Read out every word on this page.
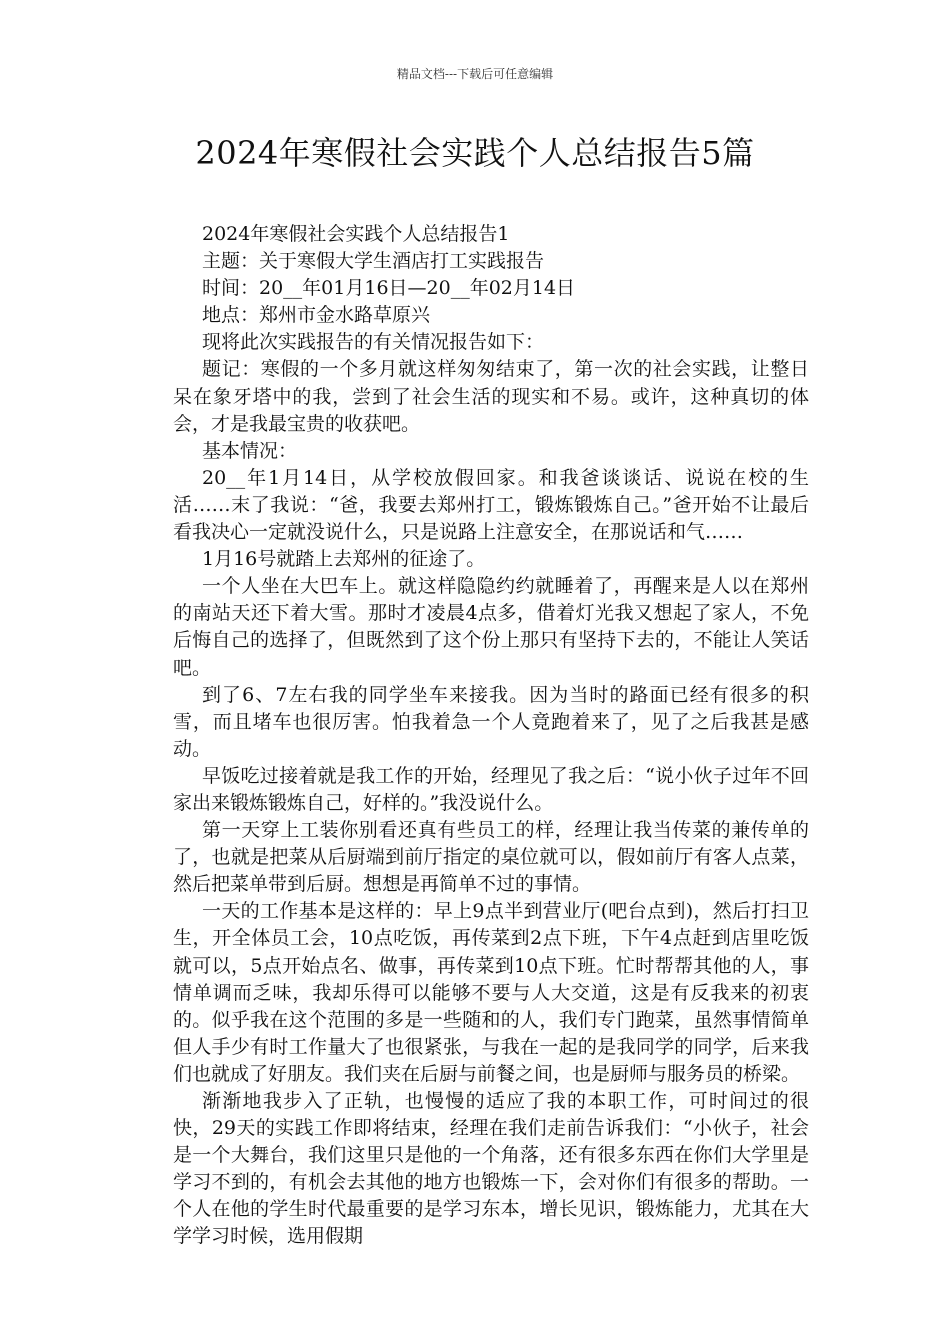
精品文档---下载后可任意编辑
2024年寒假社会实践个人总结报告5篇

2024年寒假社会实践个人总结报告1

主题：关于寒假大学生酒店打工实践报告

时间：20__年01月16日—20__年02月14日

地点：郑州市金水路草原兴

现将此次实践报告的有关情况报告如下：

题记：寒假的一个多月就这样匆匆结束了，第一次的社会实践，让整日呆在象牙塔中的我，尝到了社会生活的现实和不易。或许，这种真切的体会，才是我最宝贵的收获吧。

基本情况：

20__年1月14日，从学校放假回家。和我爸谈谈话、说说在校的生活……末了我说：“爸，我要去郑州打工，锻炼锻炼自己。”爸开始不让最后看我决心一定就没说什么，只是说路上注意安全，在那说话和气……

1月16号就踏上去郑州的征途了。

一个人坐在大巴车上。就这样隐隐约约就睡着了，再醒来是人以在郑州的南站天还下着大雪。那时才凌晨4点多，借着灯光我又想起了家人，不免后悔自己的选择了，但既然到了这个份上那只有坚持下去的，不能让人笑话吧。

到了6、7左右我的同学坐车来接我。因为当时的路面已经有很多的积雪，而且堵车也很厉害。怕我着急一个人竟跑着来了，见了之后我甚是感动。

早饭吃过接着就是我工作的开始，经理见了我之后：“说小伙子过年不回家出来锻炼锻炼自己，好样的。”我没说什么。

第一天穿上工装你别看还真有些员工的样，经理让我当传菜的兼传单的了，也就是把菜从后厨端到前厅指定的桌位就可以，假如前厅有客人点菜，然后把菜单带到后厨。想想是再简单不过的事情。

一天的工作基本是这样的：早上9点半到营业厅(吧台点到)，然后打扫卫生，开全体员工会，10点吃饭，再传菜到2点下班，下午4点赶到店里吃饭就可以，5点开始点名、做事，再传菜到10点下班。忙时帮帮其他的人，事情单调而乏味，我却乐得可以能够不要与人大交道，这是有反我来的初衷的。似乎我在这个范围的多是一些随和的人，我们专门跑菜，虽然事情简单但人手少有时工作量大了也很紧张，与我在一起的是我同学的同学，后来我们也就成了好朋友。我们夹在后厨与前餐之间，也是厨师与服务员的桥梁。

渐渐地我步入了正轨，也慢慢的适应了我的本职工作，可时间过的很快，29天的实践工作即将结束，经理在我们走前告诉我们：“小伙子，社会是一个大舞台，我们这里只是他的一个角落，还有很多东西在你们大学里是学习不到的，有机会去其他的地方也锻炼一下，会对你们有很多的帮助。一个人在他的学生时代最重要的是学习东本，增长见识，锻炼能力，尤其在大学学习时候，选用假期
